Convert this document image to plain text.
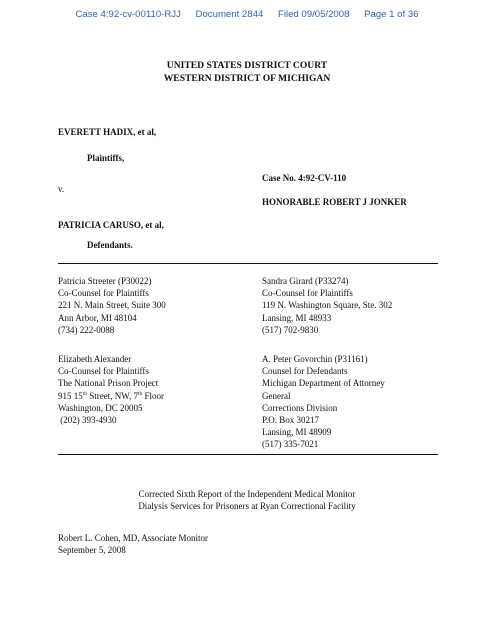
Case 4:92-cv-00110-RJJ Document 2844 Filed 09/05/2008 Page 1 of 36
UNITED STATES DISTRICT COURT
WESTERN DISTRICT OF MICHIGAN
EVERETT HADIX, et al,
Plaintiffs,
Case No. 4:92-CV-110
v.
HONORABLE ROBERT J JONKER
PATRICIA CARUSO, et al,
Defendants.
Patricia Streeter (P30022)
Co-Counsel for Plaintiffs
221 N. Main Street, Suite 300
Ann Arbor, MI 48104
(734) 222-0088
Sandra Girard (P33274)
Co-Counsel for Plaintiffs
119 N. Washington Square, Ste. 302
Lansing, MI 48933
(517) 702-9830
Elizabeth Alexander
Co-Counsel for Plaintiffs
The National Prison Project
915 15th Street, NW, 7th Floor
Washington, DC 20005
(202) 393-4930
A. Peter Govorchin (P31161)
Counsel for Defendants
Michigan Department of Attorney
General
Corrections Division
P.O. Box 30217
Lansing, MI 48909
(517) 335-7021
Corrected Sixth Report of the Independent Medical Monitor
Dialysis Services for Prisoners at Ryan Correctional Facility
Robert L. Cohen, MD, Associate Monitor
September 5, 2008
